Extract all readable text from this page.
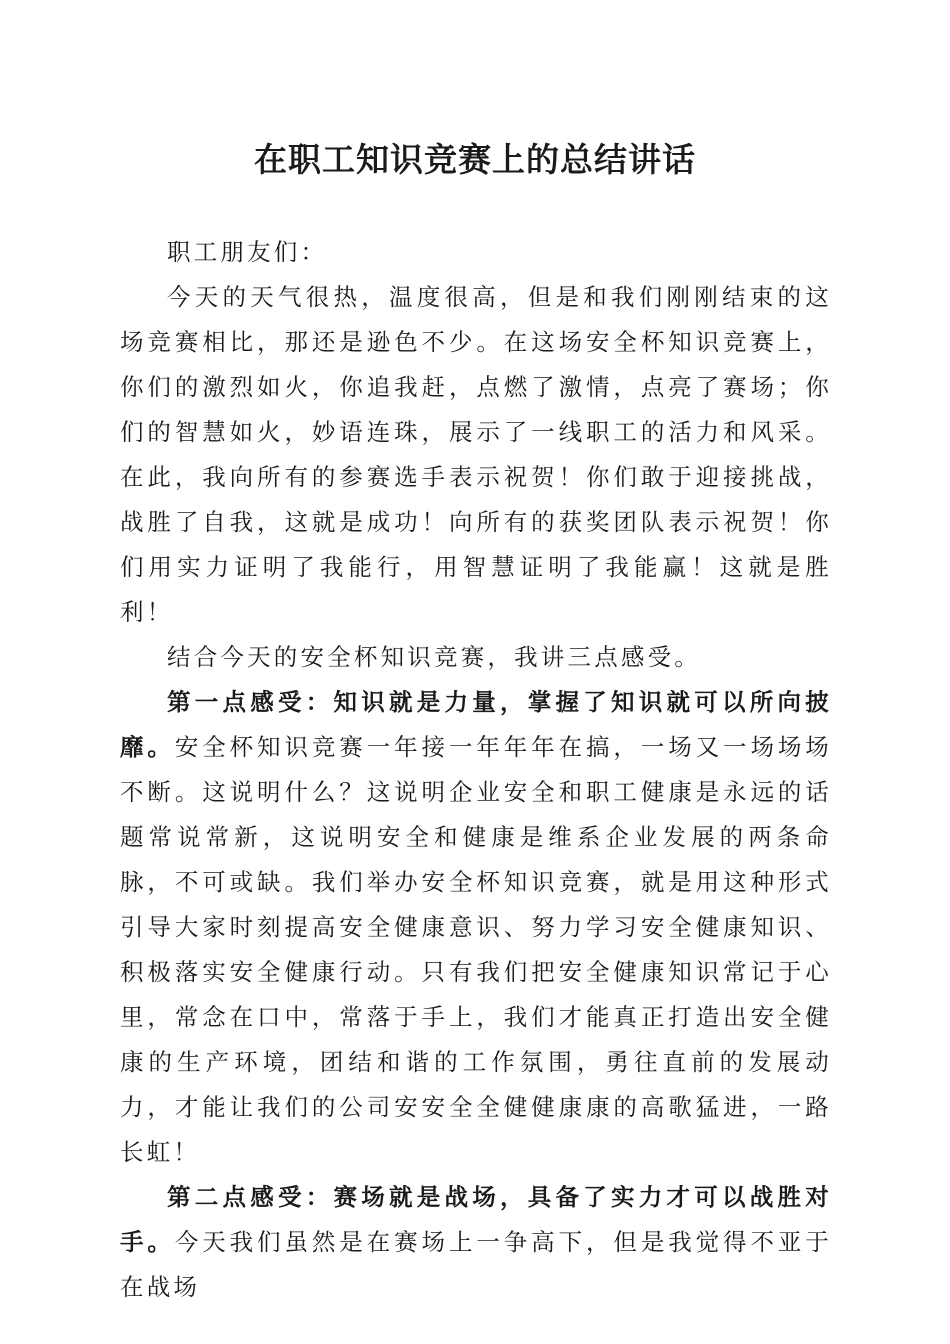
在职工知识竞赛上的总结讲话

职工朋友们：

今天的天气很热，温度很高，但是和我们刚刚结束的这场竞赛相比，那还是逊色不少。在这场安全杯知识竞赛上，你们的激烈如火，你追我赶，点燃了激情，点亮了赛场；你们的智慧如火，妙语连珠，展示了一线职工的活力和风采。在此，我向所有的参赛选手表示祝贺！你们敢于迎接挑战，战胜了自我，这就是成功！向所有的获奖团队表示祝贺！你们用实力证明了我能行，用智慧证明了我能赢！这就是胜利！

结合今天的安全杯知识竞赛，我讲三点感受。

第一点感受：知识就是力量，掌握了知识就可以所向披靡。安全杯知识竞赛一年接一年年年在搞，一场又一场场场不断。这说明什么？这说明企业安全和职工健康是永远的话题常说常新，这说明安全和健康是维系企业发展的两条命脉，不可或缺。我们举办安全杯知识竞赛，就是用这种形式引导大家时刻提高安全健康意识、努力学习安全健康知识、积极落实安全健康行动。只有我们把安全健康知识常记于心里，常念在口中，常落于手上，我们才能真正打造出安全健康的生产环境，团结和谐的工作氛围，勇往直前的发展动力，才能让我们的公司安安全全健健康康的高歌猛进，一路长虹！

第二点感受：赛场就是战场，具备了实力才可以战胜对手。今天我们虽然是在赛场上一争高下，但是我觉得不亚于在战场
